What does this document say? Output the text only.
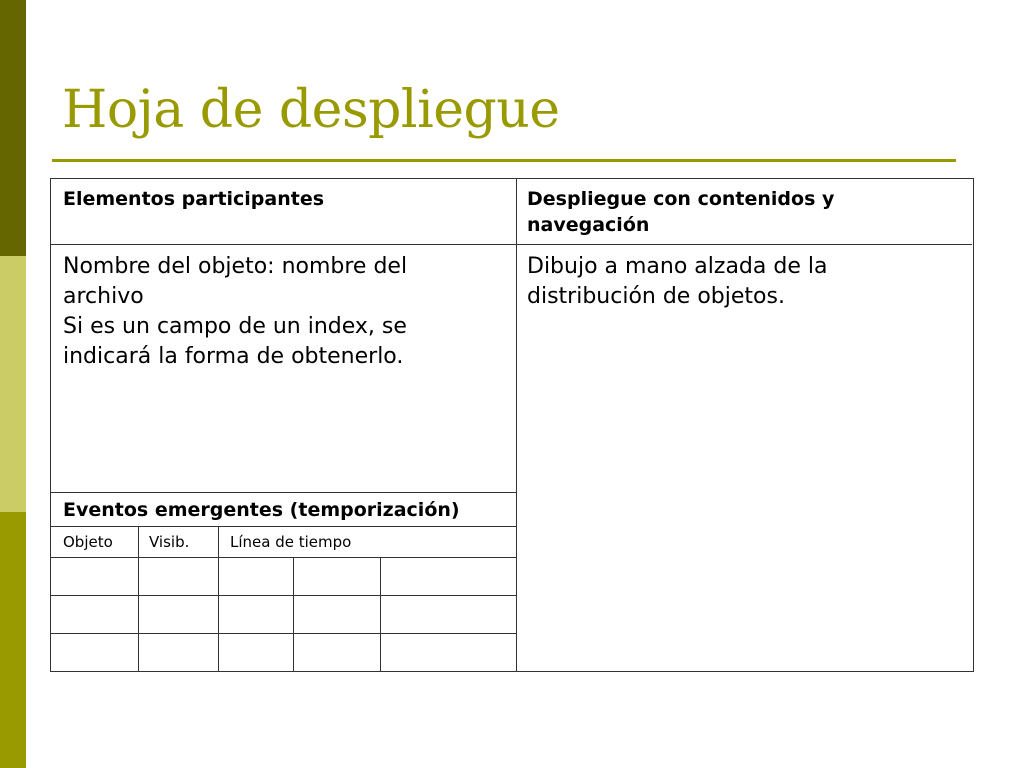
Hoja de despliegue
Elementos participantes	Despliegue con contenidos y
navegación
Nombre del objeto: nombre del
archivo
Si es un campo de un index, se
indicará la forma de obtenerlo.
Dibujo a mano alzada de la
distribución de objetos.
Eventos emergentes (temporización)
Objeto Visib.	Línea de tiempo
